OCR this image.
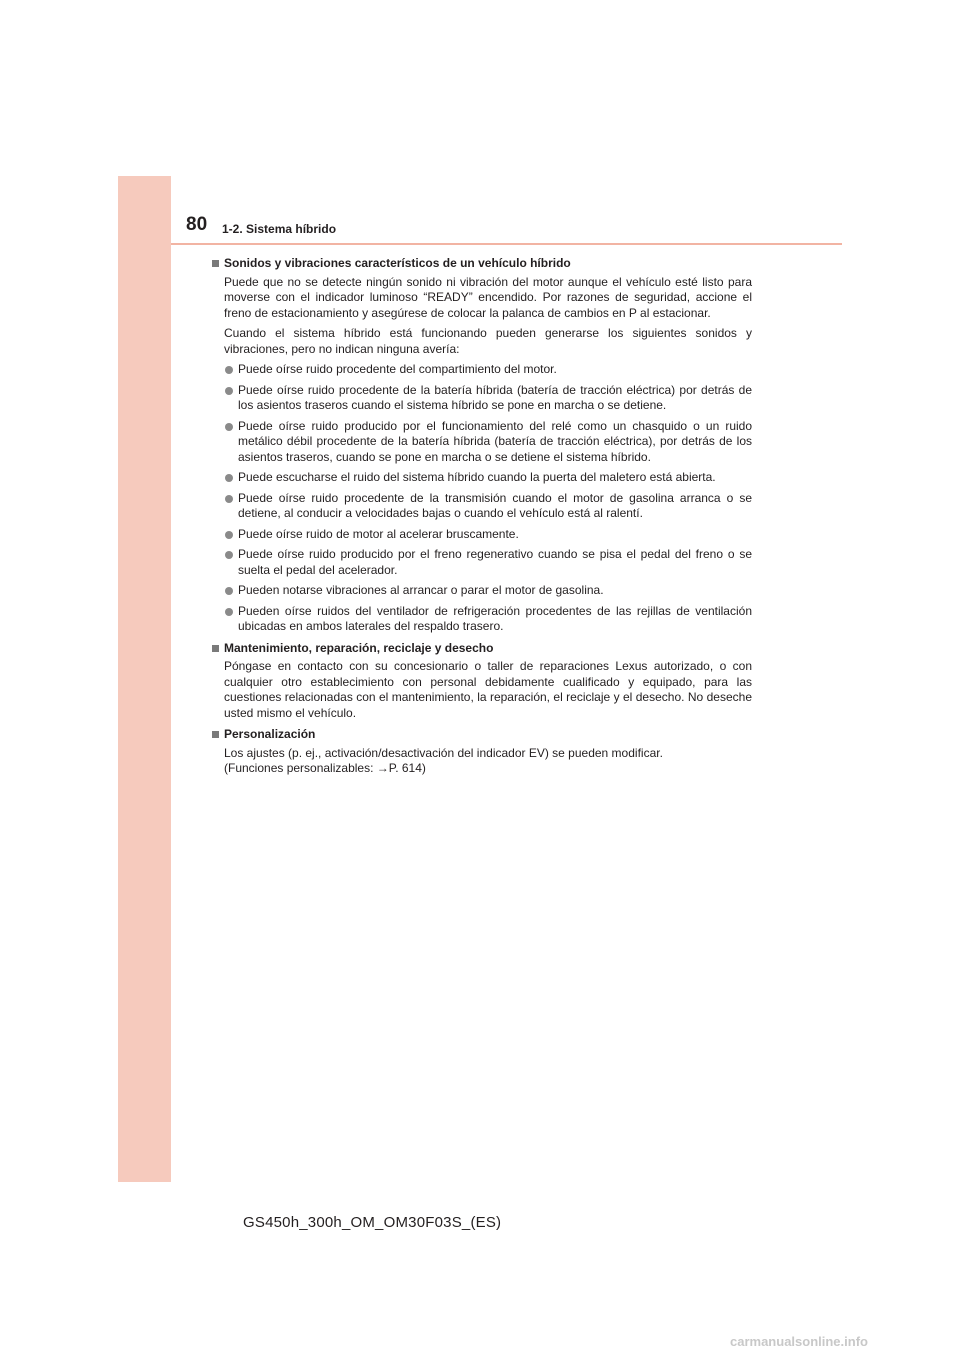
80 1-2. Sistema híbrido
Sonidos y vibraciones característicos de un vehículo híbrido

Puede que no se detecte ningún sonido ni vibración del motor aunque el vehículo esté listo para moverse con el indicador luminoso “READY” encendido. Por razones de seguridad, accione el freno de estacionamiento y asegúrese de colocar la palanca de cambios en P al estacionar.

Cuando el sistema híbrido está funcionando pueden generarse los siguientes sonidos y vibraciones, pero no indican ninguna avería:

Puede oírse ruido procedente del compartimiento del motor.
Puede oírse ruido procedente de la batería híbrida (batería de tracción eléctrica) por detrás de los asientos traseros cuando el sistema híbrido se pone en marcha o se detiene.
Puede oírse ruido producido por el funcionamiento del relé como un chasquido o un ruido metálico débil procedente de la batería híbrida (batería de tracción eléctrica), por detrás de los asientos traseros, cuando se pone en marcha o se detiene el sistema híbrido.
Puede escucharse el ruido del sistema híbrido cuando la puerta del maletero está abierta.
Puede oírse ruido procedente de la transmisión cuando el motor de gasolina arranca o se detiene, al conducir a velocidades bajas o cuando el vehículo está al ralentí.
Puede oírse ruido de motor al acelerar bruscamente.
Puede oírse ruido producido por el freno regenerativo cuando se pisa el pedal del freno o se suelta el pedal del acelerador.
Pueden notarse vibraciones al arrancar o parar el motor de gasolina.
Pueden oírse ruidos del ventilador de refrigeración procedentes de las rejillas de ventilación ubicadas en ambos laterales del respaldo trasero.
Mantenimiento, reparación, reciclaje y desecho

Póngase en contacto con su concesionario o taller de reparaciones Lexus autorizado, o con cualquier otro establecimiento con personal debidamente cualificado y equipado, para las cuestiones relacionadas con el mantenimiento, la reparación, el reciclaje y el desecho. No deseche usted mismo el vehículo.

Personalización

Los ajustes (p. ej., activación/desactivación del indicador EV) se pueden modificar.

(Funciones personalizables: →P. 614)

GS450h_300h_OM_OM30F03S_(ES)
carmanualsonline.info
